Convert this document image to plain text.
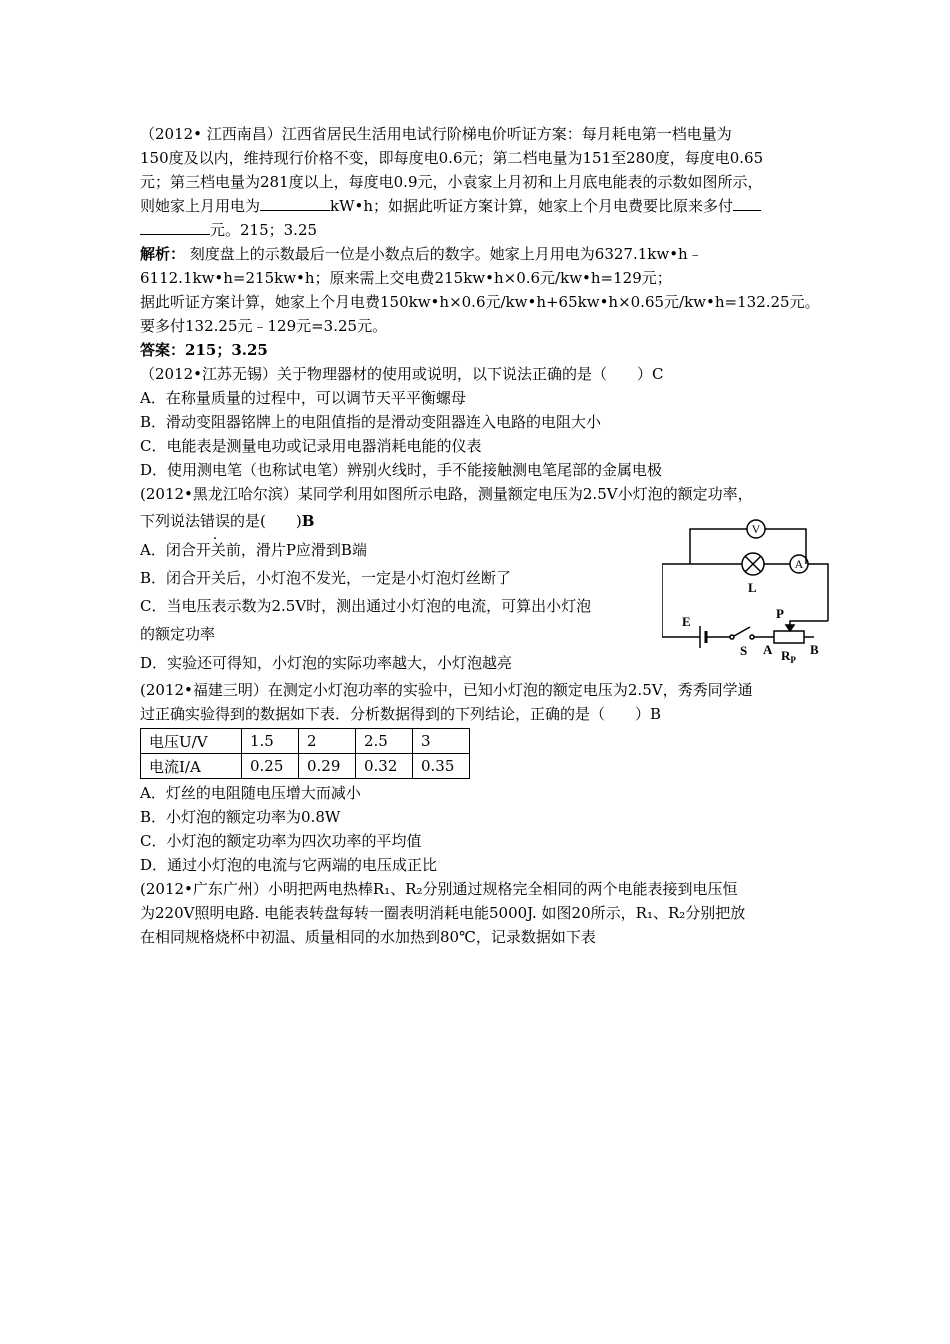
（2012• 江西南昌）江西省居民生活用电试行阶梯电价听证方案：每月耗电第一档电量为

150度及以内，维持现行价格不变，即每度电0.6元；第二档电量为151至280度，每度电0.65

元；第三档电量为281度以上，每度电0.9元，小袁家上月初和上月底电能表的示数如图所示，

则她家上月用电为	kW•h；如据此听证方案计算，她家上个月电费要比原来多付

元。215；3.25

解析： 刻度盘上的示数最后一位是小数点后的数字。她家上月用电为6327.1kw•h﹣

6112.1kw•h=215kw•h；原来需上交电费215kw•h×0.6元/kw•h=129元；

据此听证方案计算，她家上个月电费150kw•h×0.6元/kw•h+65kw•h×0.65元/kw•h=132.25元。

要多付132.25元﹣129元=3.25元。

答案：215；3.25

（2012•江苏无锡）关于物理器材的使用或说明，以下说法正确的是（　　）C

A．在称量质量的过程中，可以调节天平平衡螺母

B．滑动变阻器铭牌上的电阻值指的是滑动变阻器连入电路的电阻大小

C．电能表是测量电功或记录用电器消耗电能的仪表

D．使用测电笔（也称试电笔）辨别火线时，手不能接触测电笔尾部的金属电极

(2012•黑龙江哈尔滨）某同学利用如图所示电路，测量额定电压为2.5V小灯泡的额定功率，

下列说法错误的是(　　)B

A．闭合开关前，滑片P应滑到B端

B．闭合开关后，小灯泡不发光，一定是小灯泡灯丝断了

C．当电压表示数为2.5V时，测出通过小灯泡的电流，可算出小灯泡

的额定功率

D．实验还可得知，小灯泡的实际功率越大，小灯泡越亮

V
L
A
E
S A	B
$R_P$
P

(2012•福建三明）在测定小灯泡功率的实验中，已知小灯泡的额定电压为2.5V，秀秀同学通

过正确实验得到的数据如下表．分析数据得到的下列结论，正确的是（　　）B

电压U/V	1.5	2	2.5	3
电流I/A	0.25	0.29	0.32	0.35

A．灯丝的电阻随电压增大而减小

B．小灯泡的额定功率为0.8W

C．小灯泡的额定功率为四次功率的平均值

D．通过小灯泡的电流与它两端的电压成正比

(2012•广东广州）小明把两电热棒R₁、R₂分别通过规格完全相同的两个电能表接到电压恒

为220V照明电路. 电能表转盘每转一圈表明消耗电能5000J. 如图20所示，R₁、R₂分别把放

在相同规格烧杯中初温、质量相同的水加热到80℃，记录数据如下表
